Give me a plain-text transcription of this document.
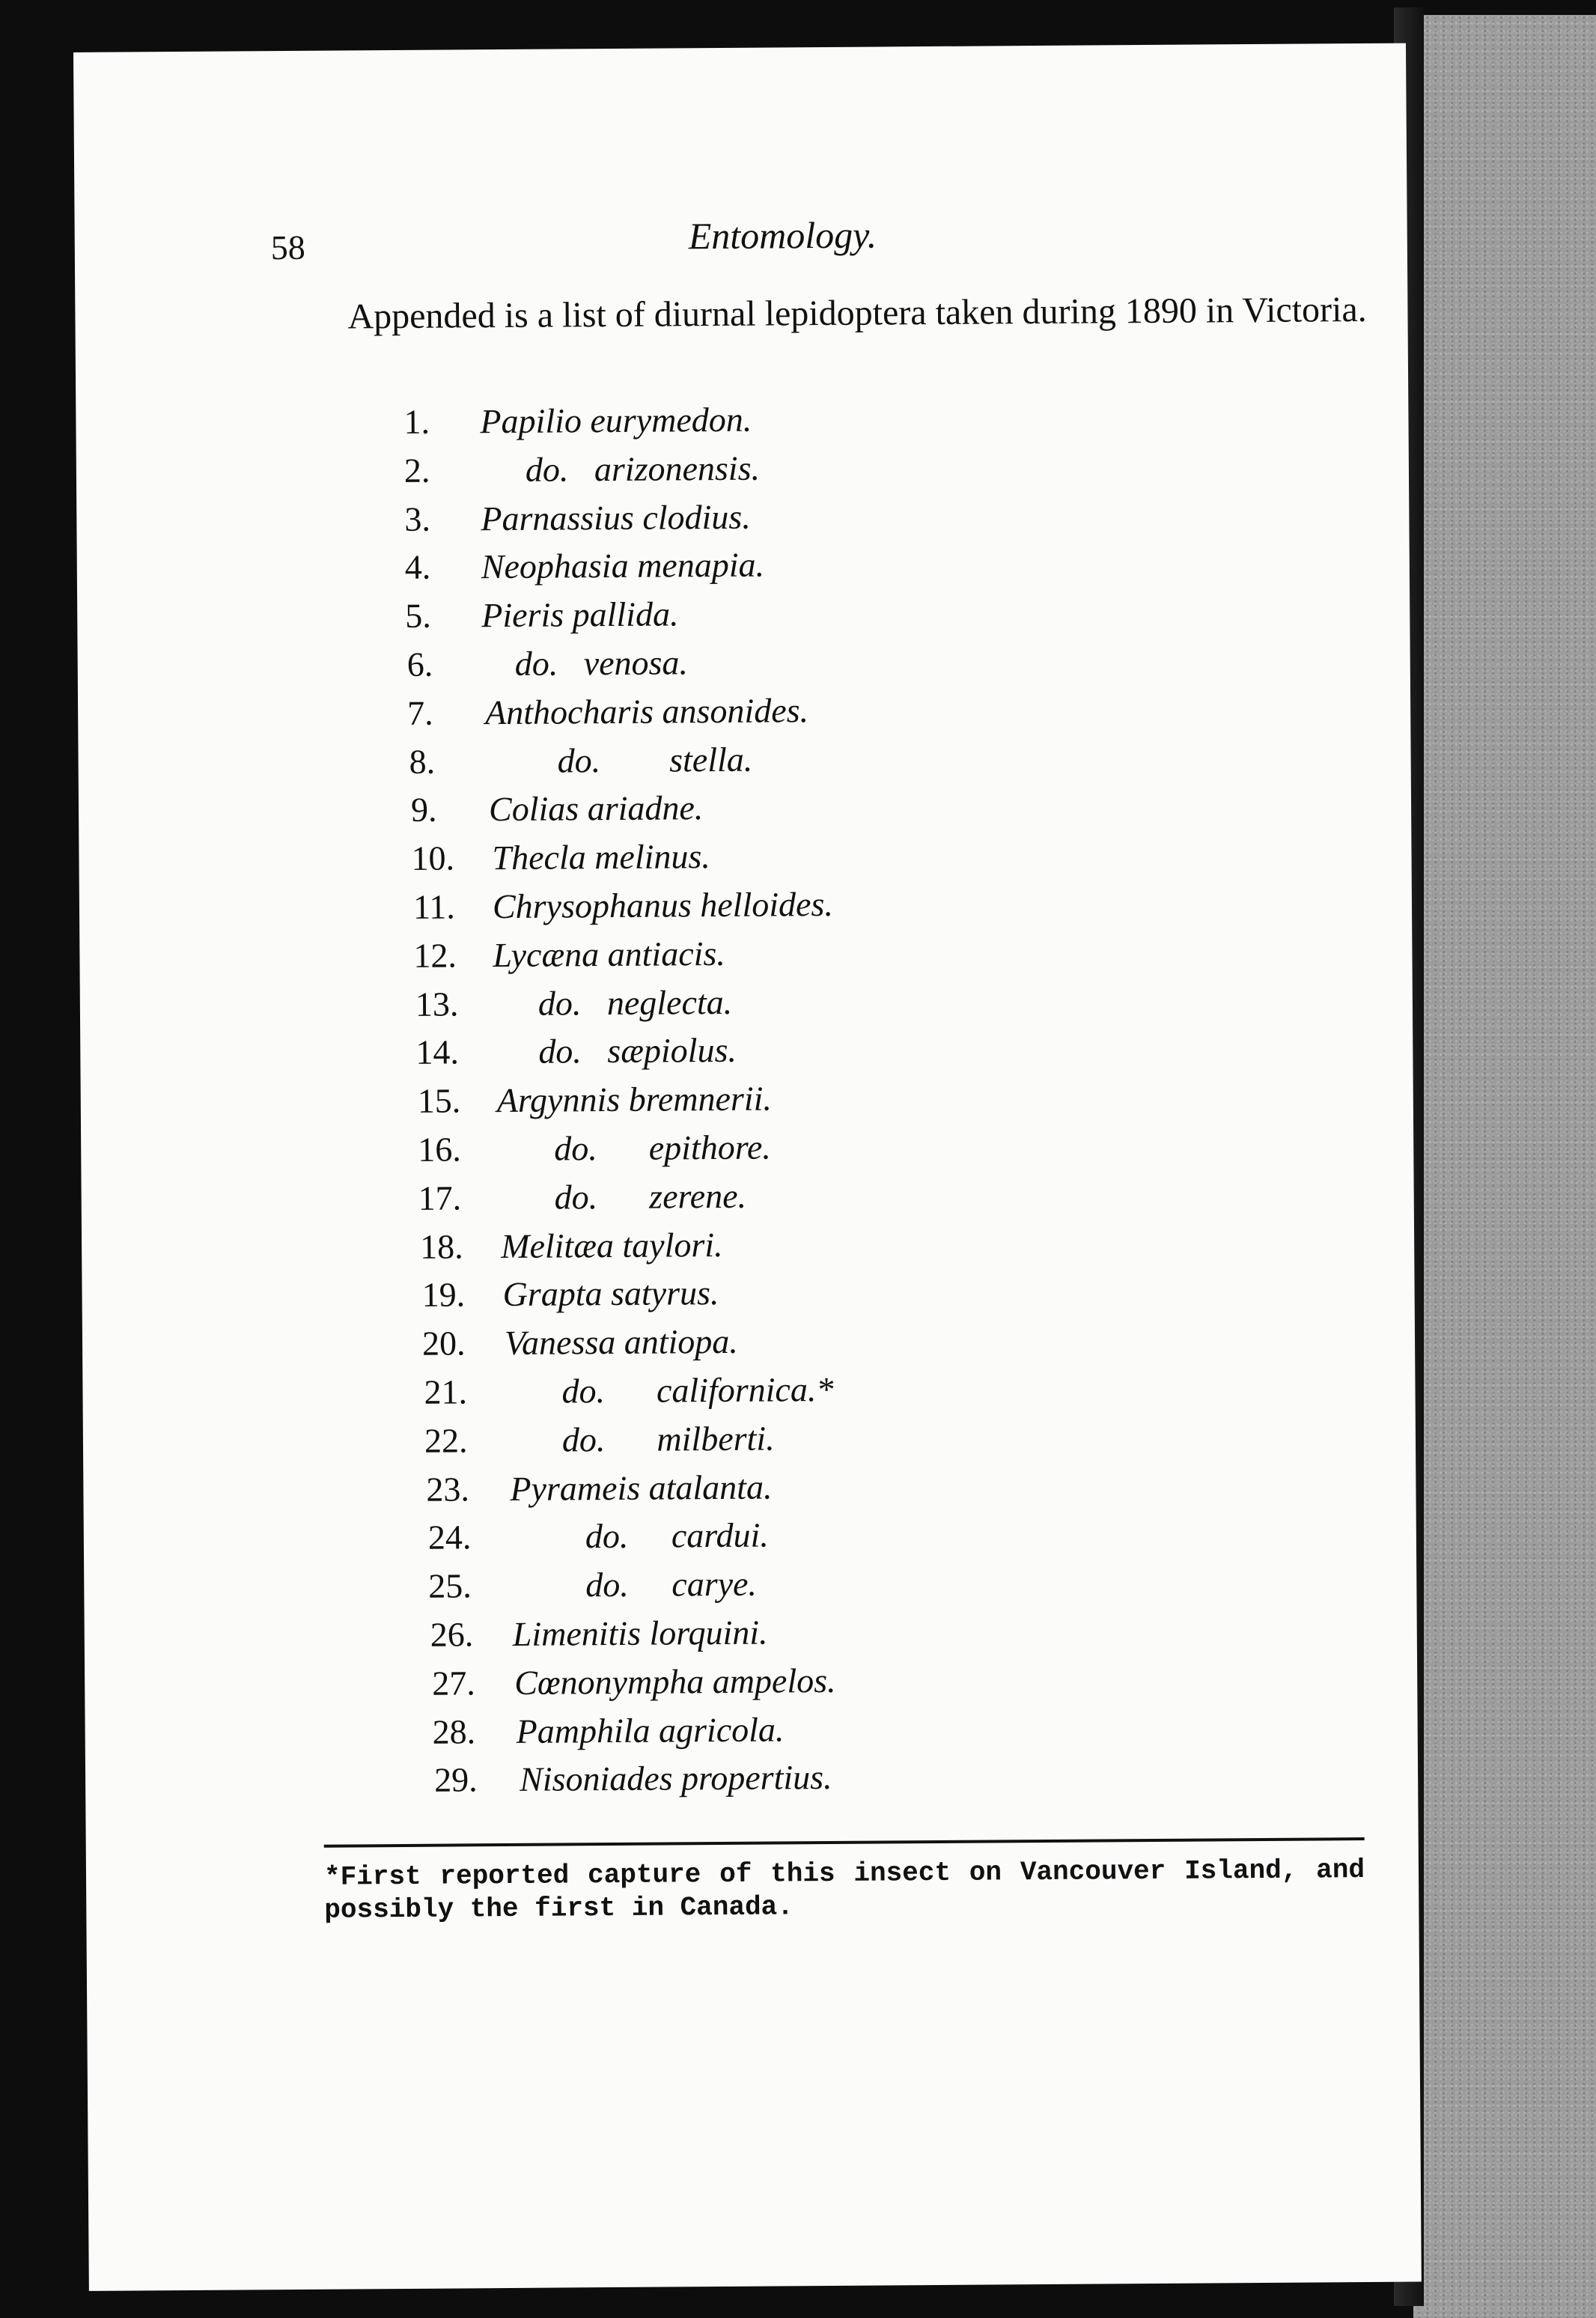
58	Entomology.
Appended is a list of diurnal lepidoptera taken during 1890 in Victoria.
1.	Papilio eurymedon.
2.	do.   arizonensis.
3.	Parnassius clodius.
4.	Neophasia menapia.
5.	Pieris pallida.
6.	do.   venosa.
7.	Anthocharis ansonides.
8.	do.        stella.
9.	Colias ariadne.
10.	Thecla melinus.
11.	Chrysophanus helloides.
12.	Lycæna antiacis.
13.	do.   neglecta.
14.	do.   sæpiolus.
15.	Argynnis bremnerii.
16.	do.      epithore.
17.	do.      zerene.
18.	Melitæa taylori.
19.	Grapta satyrus.
20.	Vanessa antiopa.
21.	do.      californica.*
22.	do.      milberti.
23.	Pyrameis atalanta.
24.	do.     cardui.
25.	do.     carye.
26.	Limenitis lorquini.
27.	Cœnonympha ampelos.
28.	Pamphila agricola.
29.	Nisoniades propertius.
*First reported capture of this insect on Vancouver Island, and possibly the first in Canada.
